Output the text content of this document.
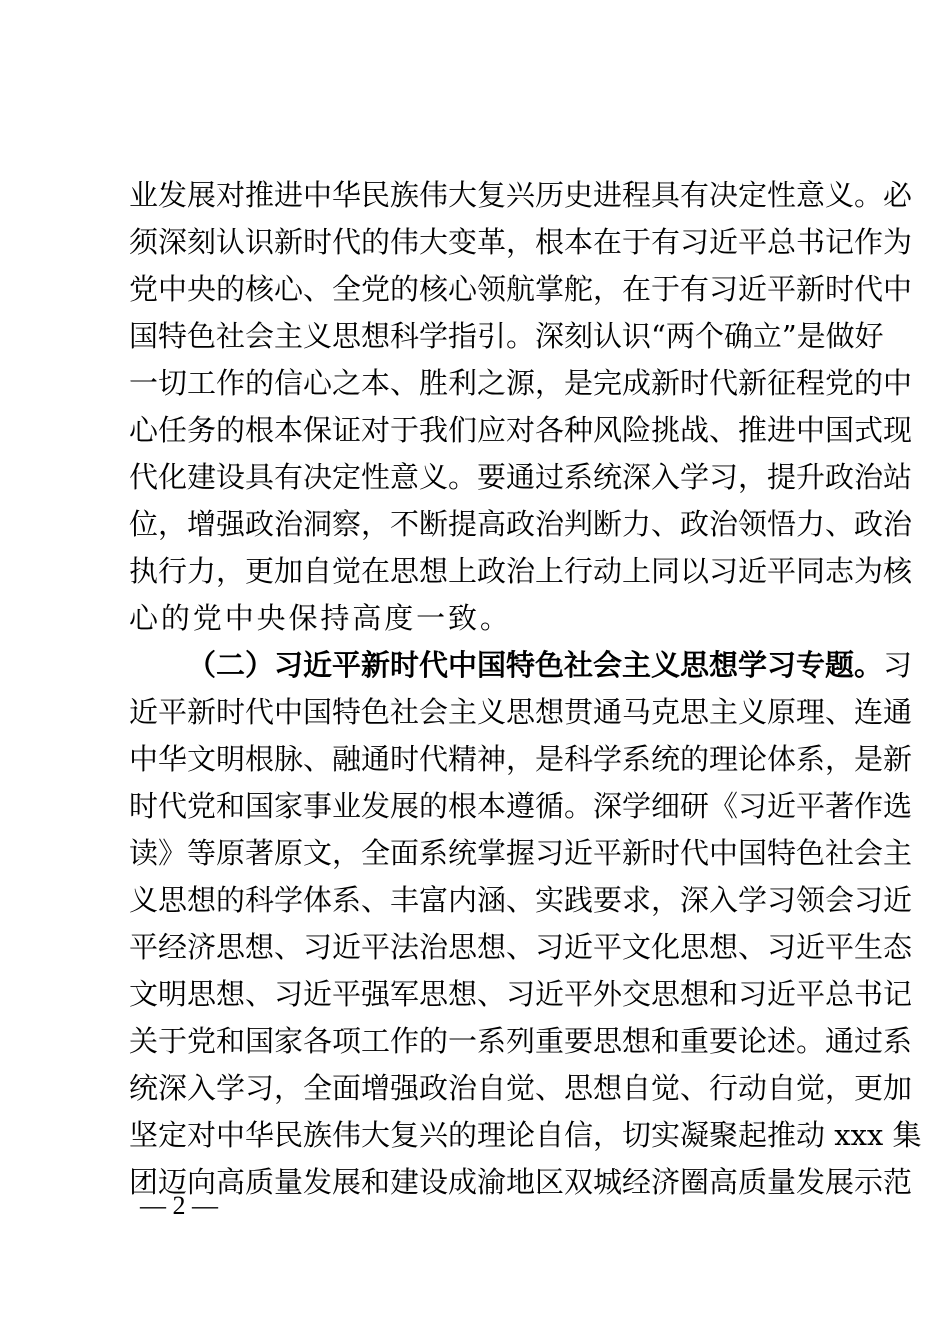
业发展对推进中华民族伟大复兴历史进程具有决定性意义。必
须深刻认识新时代的伟大变革，根本在于有习近平总书记作为
党中央的核心、全党的核心领航掌舵，在于有习近平新时代中
国特色社会主义思想科学指引。深刻认识“两个确立”是做好
一切工作的信心之本、胜利之源，是完成新时代新征程党的中
心任务的根本保证对于我们应对各种风险挑战、推进中国式现
代化建设具有决定性意义。要通过系统深入学习，提升政治站
位，增强政治洞察，不断提高政治判断力、政治领悟力、政治
执行力，更加自觉在思想上政治上行动上同以习近平同志为核
心的党中央保持高度一致。
（二）习近平新时代中国特色社会主义思想学习专题。习
近平新时代中国特色社会主义思想贯通马克思主义原理、连通
中华文明根脉、融通时代精神，是科学系统的理论体系，是新
时代党和国家事业发展的根本遵循。深学细研《习近平著作选
读》等原著原文，全面系统掌握习近平新时代中国特色社会主
义思想的科学体系、丰富内涵、实践要求，深入学习领会习近
平经济思想、习近平法治思想、习近平文化思想、习近平生态
文明思想、习近平强军思想、习近平外交思想和习近平总书记
关于党和国家各项工作的一系列重要思想和重要论述。通过系
统深入学习，全面增强政治自觉、思想自觉、行动自觉，更加
坚定对中华民族伟大复兴的理论自信，切实凝聚起推动 xxx 集
团迈向高质量发展和建设成渝地区双城经济圈高质量发展示范
— 2 —
